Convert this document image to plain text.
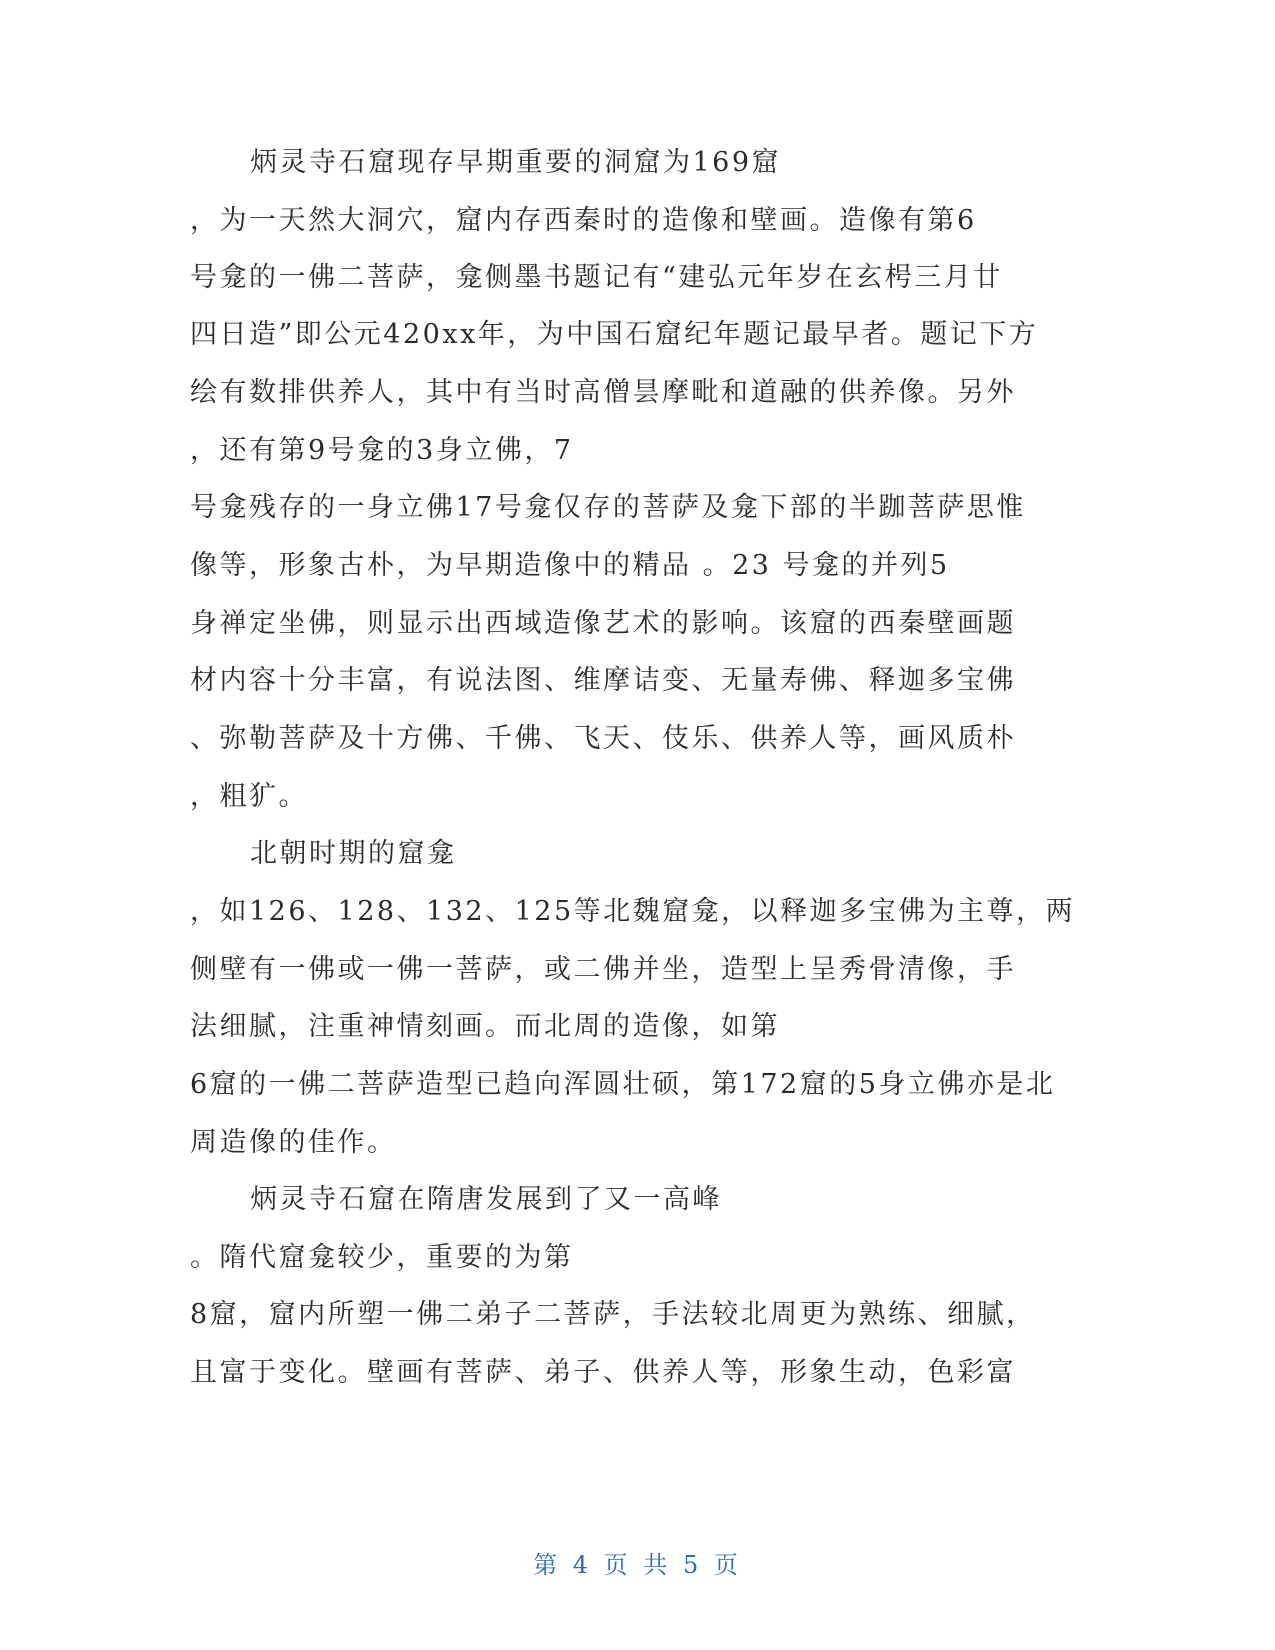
炳灵寺石窟现存早期重要的洞窟为169窟
，为一天然大洞穴，窟内存西秦时的造像和壁画。造像有第6
号龛的一佛二菩萨，龛侧墨书题记有“建弘元年岁在玄枵三月廿
四日造”即公元420xx年，为中国石窟纪年题记最早者。题记下方
绘有数排供养人，其中有当时高僧昙摩毗和道融的供养像。另外
，还有第9号龛的3身立佛，7
号龛残存的一身立佛17号龛仅存的菩萨及龛下部的半跏菩萨思惟
像等，形象古朴，为早期造像中的精品 。23 号龛的并列5
身禅定坐佛，则显示出西域造像艺术的影响。该窟的西秦壁画题
材内容十分丰富，有说法图、维摩诘变、无量寿佛、释迦多宝佛
、弥勒菩萨及十方佛、千佛、飞天、伎乐、供养人等，画风质朴
，粗犷。
北朝时期的窟龛
，如126、128、132、125等北魏窟龛，以释迦多宝佛为主尊，两
侧壁有一佛或一佛一菩萨，或二佛并坐，造型上呈秀骨清像，手
法细腻，注重神情刻画。而北周的造像，如第
6窟的一佛二菩萨造型已趋向浑圆壮硕，第172窟的5身立佛亦是北
周造像的佳作。
炳灵寺石窟在隋唐发展到了又一高峰
。隋代窟龛较少，重要的为第
8窟，窟内所塑一佛二弟子二菩萨，手法较北周更为熟练、细腻，
且富于变化。壁画有菩萨、弟子、供养人等，形象生动，色彩富
第 4 页 共 5 页
